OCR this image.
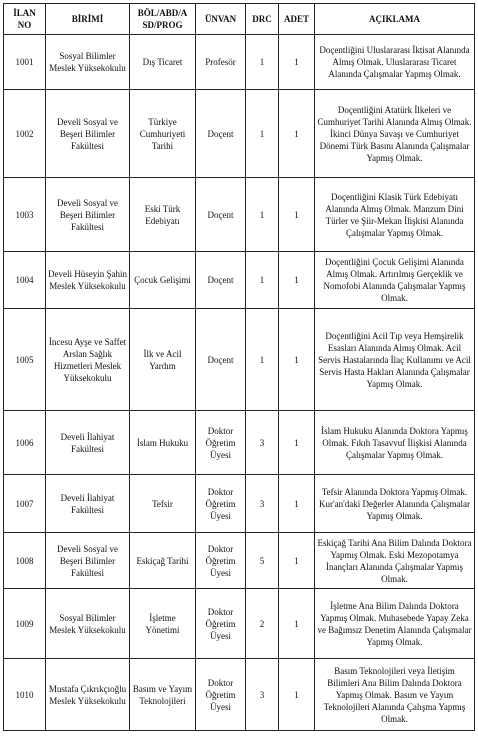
İLAN NO	BİRİMİ	BÖL/ABD/A SD/PROG	ÜNVAN	DRC	ADET	AÇIKLAMA
1001	Sosyal Bilimler Meslek Yüksekokulu	Dış Ticaret	Profesör	1	1	Doçentliğini Uluslararası İktisat Alanında Almış Olmak. Uluslararası Ticaret Alanında Çalışmalar Yapmış Olmak.
1002	Develi Sosyal ve Beşeri Bilimler Fakültesi	Türkiye Cumhuriyeti Tarihi	Doçent	1	1	Doçentliğini Atatürk İlkeleri ve Cumhuriyet Tarihi Alanında Almış Olmak. İkinci Dünya Savaşı ve Cumhuriyet Dönemi Türk Basını Alanında Çalışmalar Yapmış Olmak.
1003	Develi Sosyal ve Beşeri Bilimler Fakültesi	Eski Türk Edebiyatı	Doçent	1	1	Doçentliğini Klasik Türk Edebiyatı Alanında Almış Olmak. Manzum Dini Türler ve Şiir-Mekan İlişkisi Alanında Çalışmalar Yapmış Olmak.
1004	Develi Hüseyin Şahin Meslek Yüksekokulu	Çocuk Gelişimi	Doçent	1	1	Doçentliğini Çocuk Gelişimi Alanında Almış Olmak. Artırılmış Gerçeklik ve Nomofobi Alanında Çalışmalar Yapmış Olmak.
1005	İncesu Ayşe ve Saffet Arslan Sağlık Hizmetleri Meslek Yüksekokulu	İlk ve Acil Yardım	Doçent	1	1	Doçentliğini Acil Tıp veya Hemşirelik Esasları Alanında Almış Olmak. Acil Servis Hastalarında İlaç Kullanımı ve Acil Servis Hasta Hakları Alanında Çalışmalar Yapmış Olmak.
1006	Develi İlahiyat Fakültesi	İslam Hukuku	Doktor Öğretim Üyesi	3	1	İslam Hukuku Alanında Doktora Yapmış Olmak. Fıkıh Tasavvuf İlişkisi Alanında Çalışmalar Yapmış Olmak.
1007	Develi İlahiyat Fakültesi	Tefsir	Doktor Öğretim Üyesi	3	1	Tefsir Alanında Doktora Yapmış Olmak. Kur'an'daki Değerler Alanında Çalışmalar Yapmış Olmak.
1008	Develi Sosyal ve Beşeri Bilimler Fakültesi	Eskiçağ Tarihi	Doktor Öğretim Üyesi	5	1	Eskiçağ Tarihi Ana Bilim Dalında Doktora Yapmış Olmak. Eski Mezopotamya İnançları Alanında Çalışmalar Yapmış Olmak.
1009	Sosyal Bilimler Meslek Yüksekokulu	İşletme Yönetimi	Doktor Öğretim Üyesi	2	1	İşletme Ana Bilim Dalında Doktora Yapmış Olmak. Muhasebede Yapay Zeka ve Bağımsız Denetim Alanında Çalışmalar Yapmış Olmak.
1010	Mustafa Çıkrıkçıoğlu Meslek Yüksekokulu	Basım ve Yayım Teknolojileri	Doktor Öğretim Üyesi	3	1	Basım Teknolojileri veya İletişim Bilimleri Ana Bilim Dalında Doktora Yapmış Olmak. Basım ve Yayım Teknolojileri Alanında Çalışma Yapmış Olmak.
